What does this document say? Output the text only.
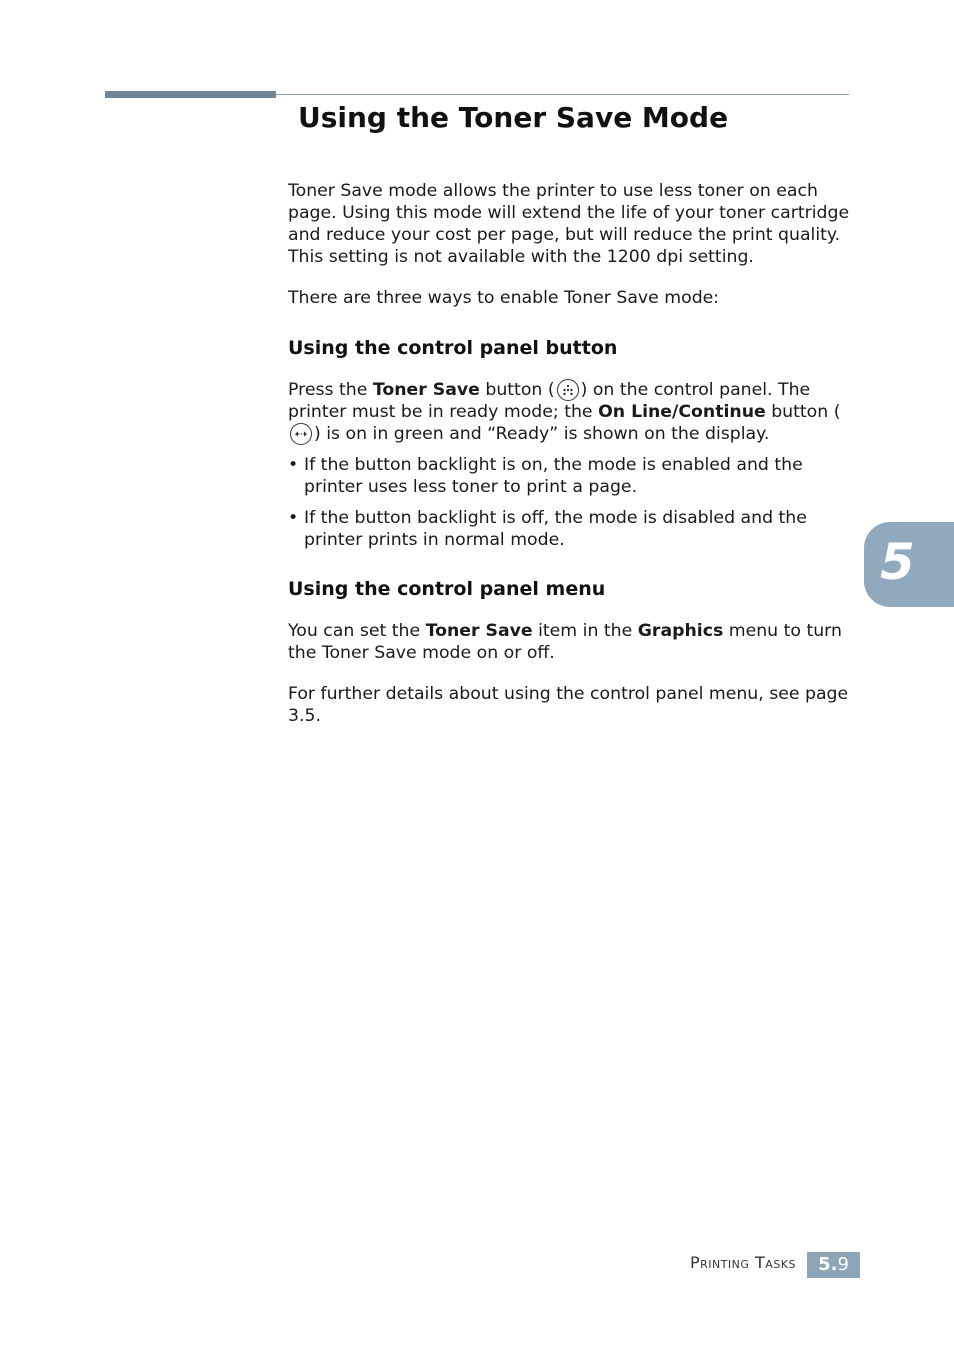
Using the Toner Save Mode

Toner Save mode allows the printer to use less toner on each page. Using this mode will extend the life of your toner cartridge and reduce your cost per page, but will reduce the print quality. This setting is not available with the 1200 dpi setting.

There are three ways to enable Toner Save mode:

Using the control panel button

Press the Toner Save button ( ) on the control panel. The printer must be in ready mode; the On Line/Continue button (
) is on in green and “Ready” is shown on the display.

• If the button backlight is on, the mode is enabled and the printer uses less toner to print a page.

• If the button backlight is off, the mode is disabled and the printer prints in normal mode.

Using the control panel menu

You can set the Toner Save item in the Graphics menu to turn the Toner Save mode on or off.

For further details about using the control panel menu, see page 3.5.

5
Printing Tasks	5.9
